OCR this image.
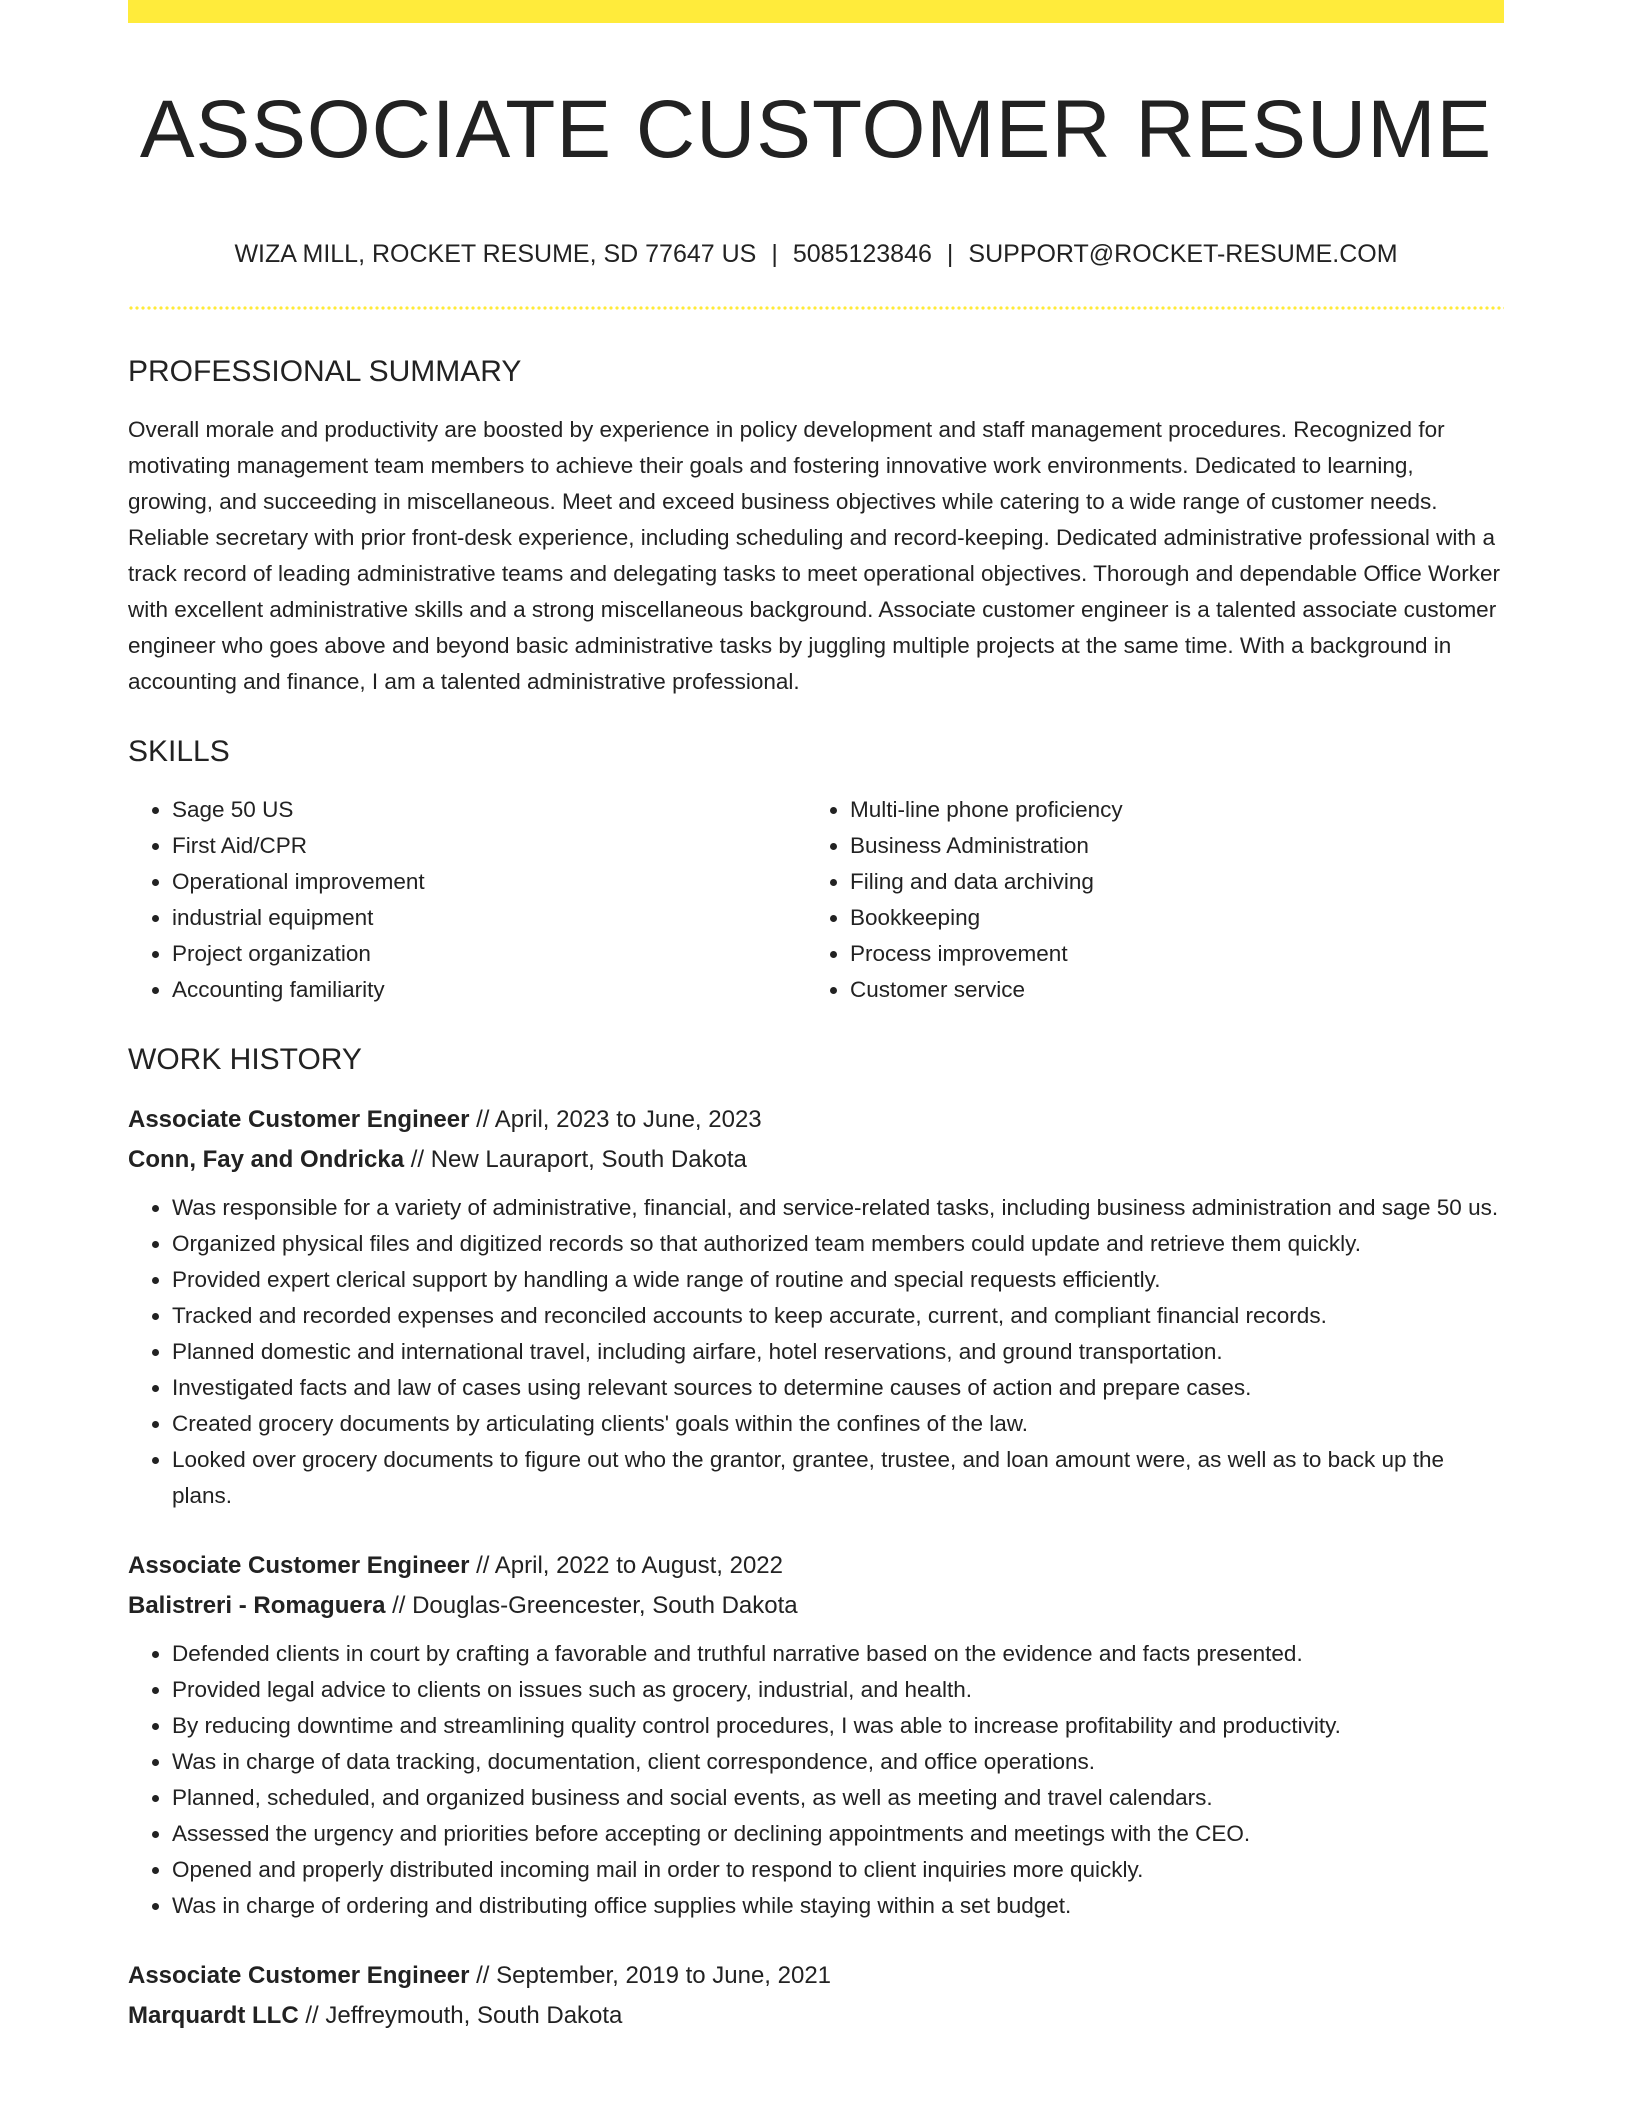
ASSOCIATE CUSTOMER RESUME
WIZA MILL, ROCKET RESUME, SD 77647 US | 5085123846 | SUPPORT@ROCKET-RESUME.COM
PROFESSIONAL SUMMARY

Overall morale and productivity are boosted by experience in policy development and staff management procedures. Recognized for motivating management team members to achieve their goals and fostering innovative work environments. Dedicated to learning, growing, and succeeding in miscellaneous. Meet and exceed business objectives while catering to a wide range of customer needs. Reliable secretary with prior front-desk experience, including scheduling and record-keeping. Dedicated administrative professional with a track record of leading administrative teams and delegating tasks to meet operational objectives. Thorough and dependable Office Worker with excellent administrative skills and a strong miscellaneous background. Associate customer engineer is a talented associate customer engineer who goes above and beyond basic administrative tasks by juggling multiple projects at the same time. With a background in accounting and finance, I am a talented administrative professional.

SKILLS
• Sage 50 US
• First Aid/CPR
• Operational improvement
• industrial equipment
• Project organization
• Accounting familiarity
• Multi-line phone proficiency
• Business Administration
• Filing and data archiving
• Bookkeeping
• Process improvement
• Customer service
WORK HISTORY
Associate Customer Engineer // April, 2023 to June, 2023
Conn, Fay and Ondricka // New Lauraport, South Dakota
• Was responsible for a variety of administrative, financial, and service-related tasks, including business administration and sage 50 us.
• Organized physical files and digitized records so that authorized team members could update and retrieve them quickly.
• Provided expert clerical support by handling a wide range of routine and special requests efficiently.
• Tracked and recorded expenses and reconciled accounts to keep accurate, current, and compliant financial records.
• Planned domestic and international travel, including airfare, hotel reservations, and ground transportation.
• Investigated facts and law of cases using relevant sources to determine causes of action and prepare cases.
• Created grocery documents by articulating clients' goals within the confines of the law.
• Looked over grocery documents to figure out who the grantor, grantee, trustee, and loan amount were, as well as to back up the plans.
Associate Customer Engineer // April, 2022 to August, 2022
Balistreri - Romaguera // Douglas-Greencester, South Dakota
• Defended clients in court by crafting a favorable and truthful narrative based on the evidence and facts presented.
• Provided legal advice to clients on issues such as grocery, industrial, and health.
• By reducing downtime and streamlining quality control procedures, I was able to increase profitability and productivity.
• Was in charge of data tracking, documentation, client correspondence, and office operations.
• Planned, scheduled, and organized business and social events, as well as meeting and travel calendars.
• Assessed the urgency and priorities before accepting or declining appointments and meetings with the CEO.
• Opened and properly distributed incoming mail in order to respond to client inquiries more quickly.
• Was in charge of ordering and distributing office supplies while staying within a set budget.
Associate Customer Engineer // September, 2019 to June, 2021
Marquardt LLC // Jeffreymouth, South Dakota
